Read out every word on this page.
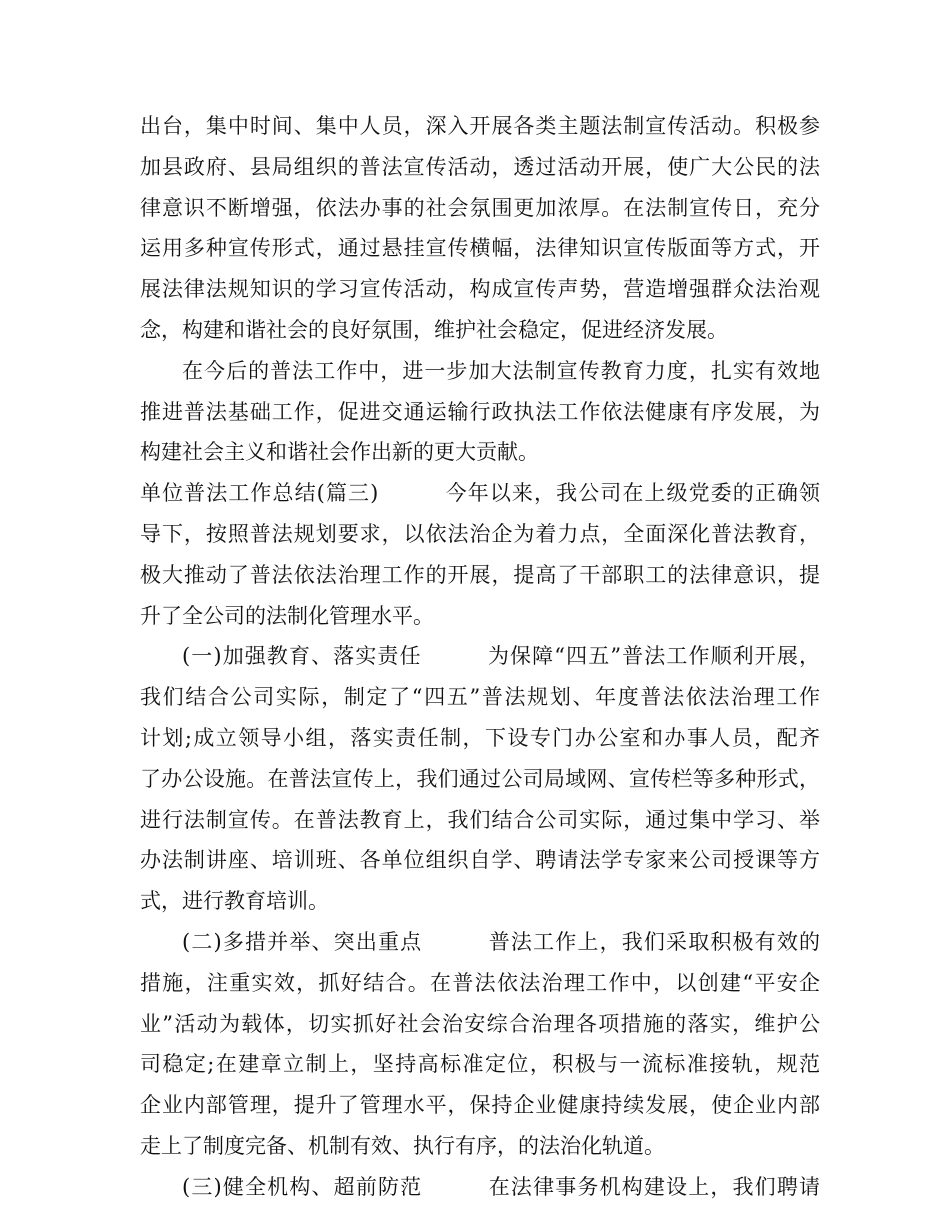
出台，集中时间、集中人员，深入开展各类主题法制宣传活动。积极参
加县政府、县局组织的普法宣传活动，透过活动开展，使广大公民的法
律意识不断增强，依法办事的社会氛围更加浓厚。在法制宣传日，充分
运用多种宣传形式，通过悬挂宣传横幅，法律知识宣传版面等方式，开
展法律法规知识的学习宣传活动，构成宣传声势，营造增强群众法治观
念，构建和谐社会的良好氛围，维护社会稳定，促进经济发展。
在今后的普法工作中，进一步加大法制宣传教育力度，扎实有效地
推进普法基础工作，促进交通运输行政执法工作依法健康有序发展，为
构建社会主义和谐社会作出新的更大贡献。
单位普法工作总结(篇三)　　　今年以来，我公司在上级党委的正确领
导下，按照普法规划要求，以依法治企为着力点，全面深化普法教育，
极大推动了普法依法治理工作的开展，提高了干部职工的法律意识，提
升了全公司的法制化管理水平。
(一)加强教育、落实责任　　　为保障“四五”普法工作顺利开展，
我们结合公司实际，制定了“四五”普法规划、年度普法依法治理工作
计划;成立领导小组，落实责任制，下设专门办公室和办事人员，配齐
了办公设施。在普法宣传上，我们通过公司局域网、宣传栏等多种形式，
进行法制宣传。在普法教育上，我们结合公司实际，通过集中学习、举
办法制讲座、培训班、各单位组织自学、聘请法学专家来公司授课等方
式，进行教育培训。
(二)多措并举、突出重点　　　普法工作上，我们采取积极有效的
措施，注重实效，抓好结合。在普法依法治理工作中，以创建“平安企
业”活动为载体，切实抓好社会治安综合治理各项措施的落实，维护公
司稳定;在建章立制上，坚持高标准定位，积极与一流标准接轨，规范
企业内部管理，提升了管理水平，保持企业健康持续发展，使企业内部
走上了制度完备、机制有效、执行有序，的法治化轨道。
(三)健全机构、超前防范　　　在法律事务机构建设上，我们聘请
